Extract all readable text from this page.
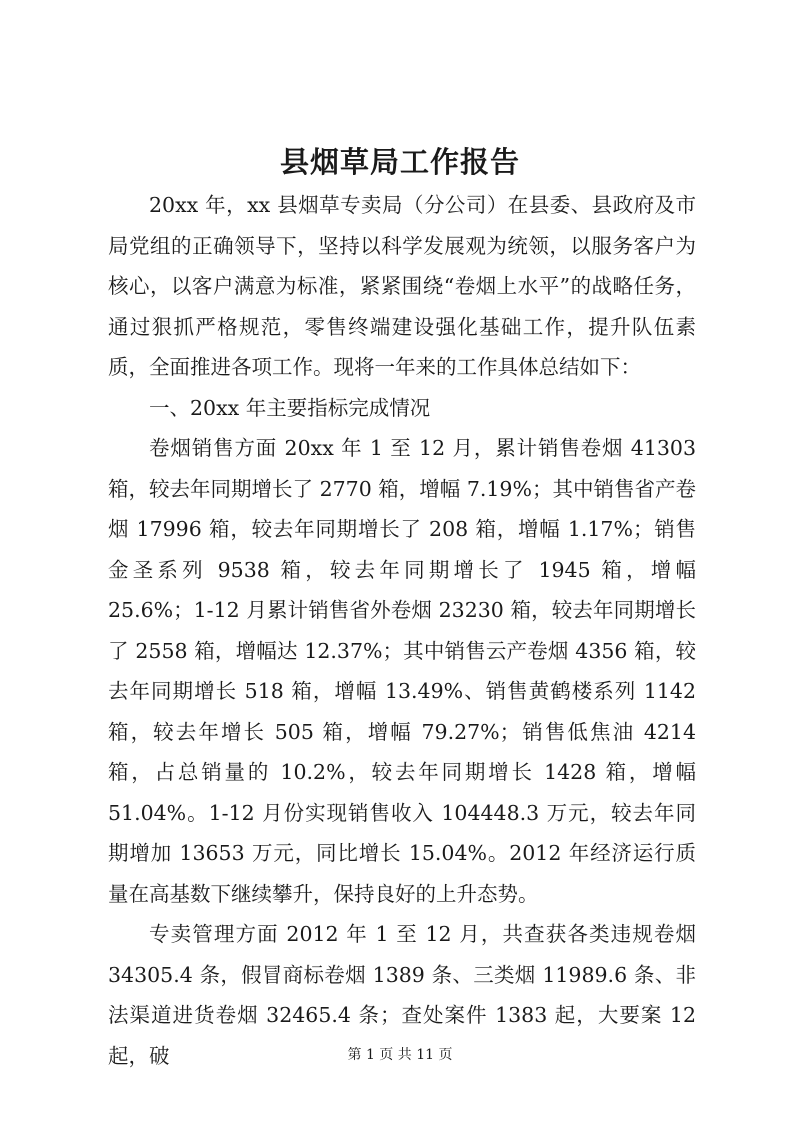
县烟草局工作报告

20xx 年，xx 县烟草专卖局（分公司）在县委、县政府及市局党组的正确领导下，坚持以科学发展观为统领，以服务客户为核心，以客户满意为标准，紧紧围绕“卷烟上水平”的战略任务，通过狠抓严格规范，零售终端建设强化基础工作，提升队伍素质，全面推进各项工作。现将一年来的工作具体总结如下：

一、20xx 年主要指标完成情况

卷烟销售方面 20xx 年 1 至 12 月，累计销售卷烟 41303 箱，较去年同期增长了 2770 箱，增幅 7.19%；其中销售省产卷烟 17996 箱，较去年同期增长了 208 箱，增幅 1.17%；销售金圣系列 9538 箱，较去年同期增长了 1945 箱，增幅 25.6%；1-12 月累计销售省外卷烟 23230 箱，较去年同期增长了 2558 箱，增幅达 12.37%；其中销售云产卷烟 4356 箱，较去年同期增长 518 箱，增幅 13.49%、销售黄鹤楼系列 1142 箱，较去年增长 505 箱，增幅 79.27%；销售低焦油 4214 箱，占总销量的 10.2%，较去年同期增长 1428 箱，增幅 51.04%。1-12 月份实现销售收入 104448.3 万元，较去年同期增加 13653 万元，同比增长 15.04%。2012 年经济运行质量在高基数下继续攀升，保持良好的上升态势。

专卖管理方面 2012 年 1 至 12 月，共查获各类违规卷烟 34305.4 条，假冒商标卷烟 1389 条、三类烟 11989.6 条、非法渠道进货卷烟 32465.4 条；查处案件 1383 起，大要案 12 起，破	第 1 页 共 11 页
